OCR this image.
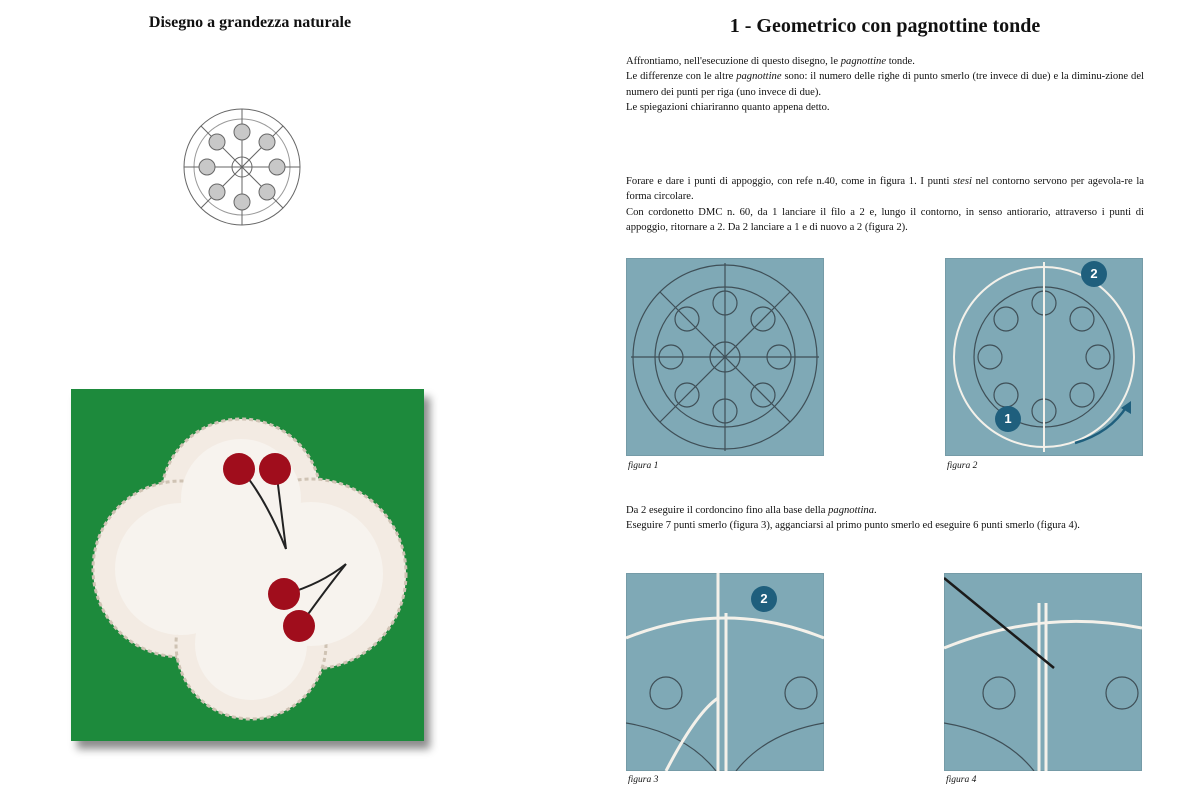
Disegno a grandezza naturale	1 - Geometrico con pagnottine tonde

Affrontiamo, nell'esecuzione di questo disegno, le pagnottine tonde.

Le differenze con le altre pagnottine sono: il numero delle righe di punto smerlo (tre invece di due) e la diminu-zione del numero dei punti per riga (uno invece di due).

Le spiegazioni chiariranno quanto appena detto.

Forare e dare i punti di appoggio, con refe n.40, come in figura 1. I punti stesi nel contorno servono per agevola-re la forma circolare.

Con cordonetto DMC n. 60, da 1 lanciare il filo a 2 e, lungo il contorno, in senso antiorario, attraverso i punti di appoggio, ritornare a 2. Da 2 lanciare a 1 e di nuovo a 2 (figura 2).

figura 1
2
1
figura 2

Da 2 eseguire il cordoncino fino alla base della pagnottina.

Eseguire 7 punti smerlo (figura 3), agganciarsi al primo punto smerlo ed eseguire 6 punti smerlo (figura 4).

2
figura 3	figura 4
